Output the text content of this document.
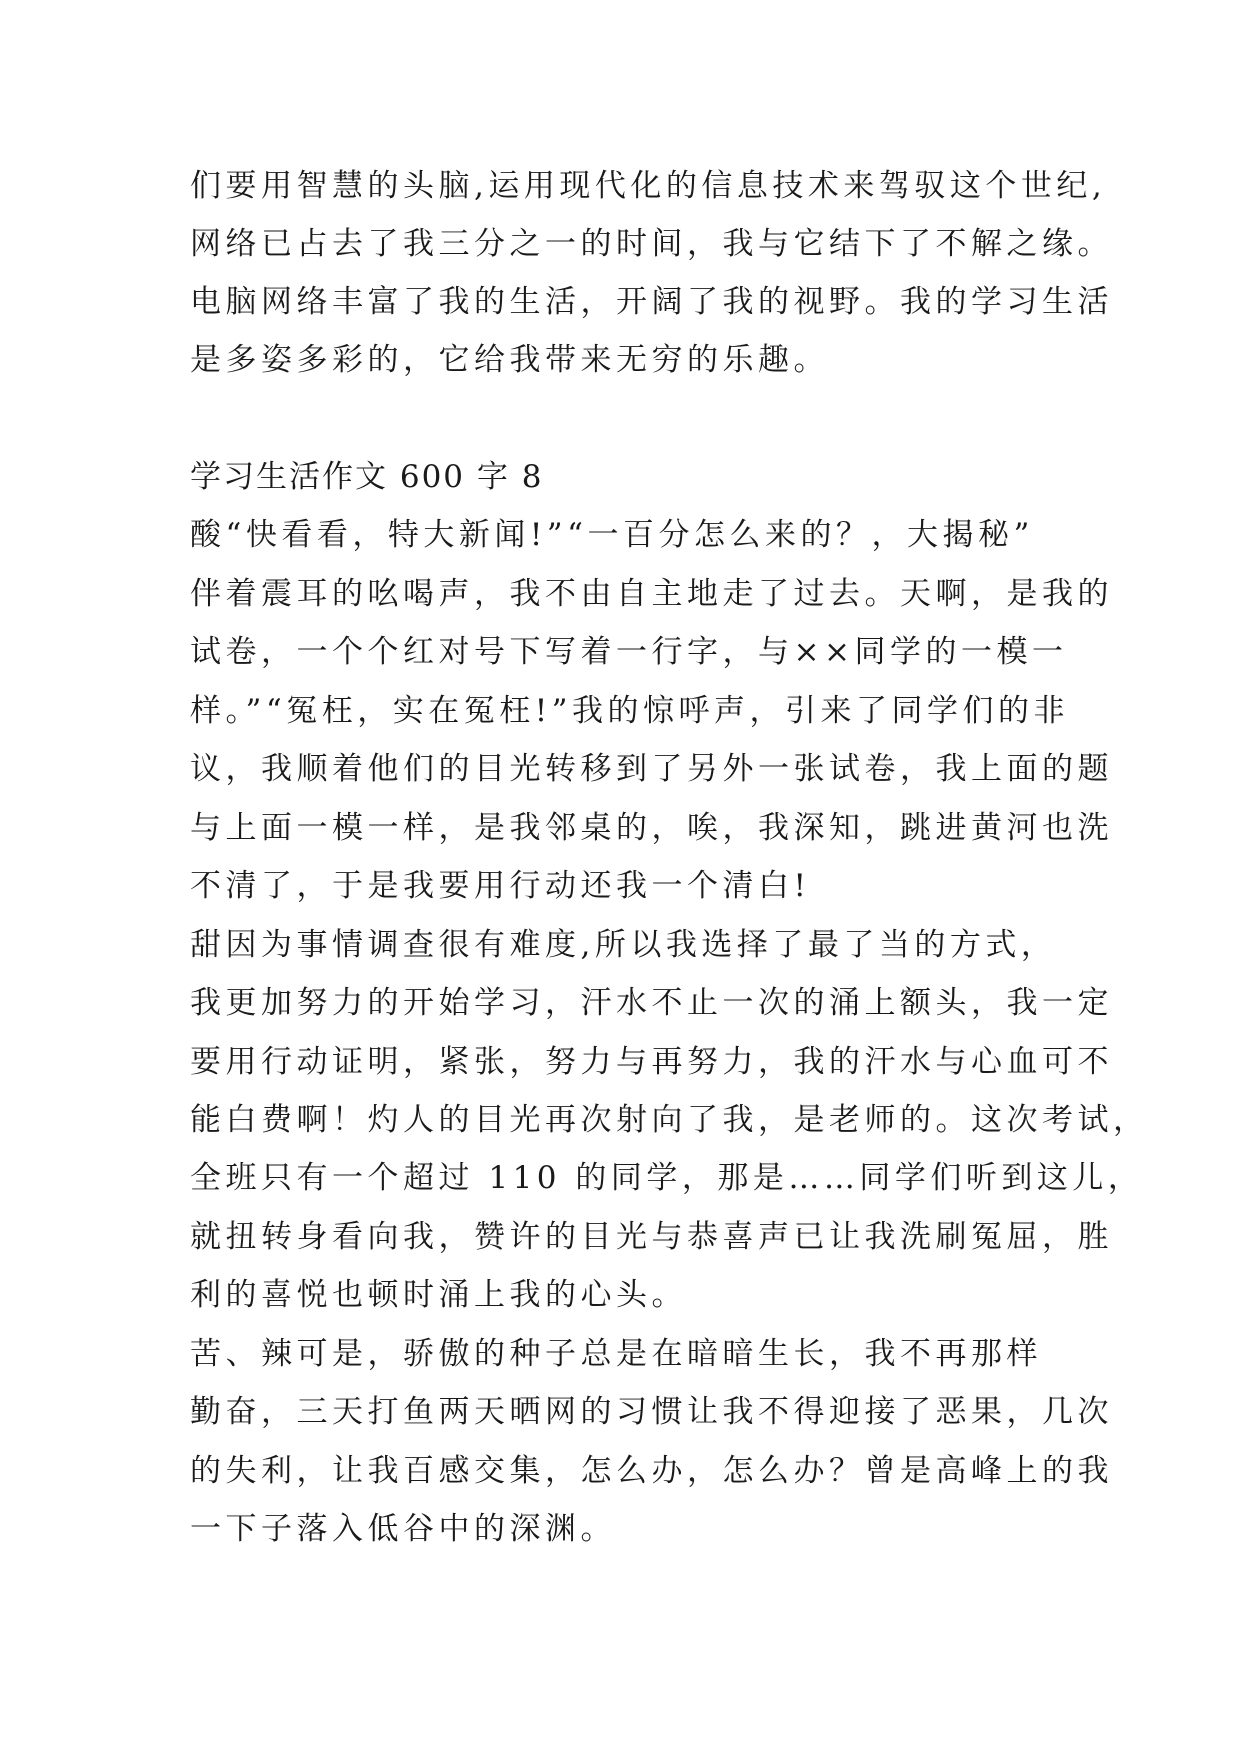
们要用智慧的头脑,运用现代化的信息技术来驾驭这个世纪,
网络已占去了我三分之一的时间，我与它结下了不解之缘。
电脑网络丰富了我的生活，开阔了我的视野。我的学习生活
是多姿多彩的，它给我带来无穷的乐趣。
学习生活作文 600 字 8
酸“快看看，特大新闻!”“一百分怎么来的？，大揭秘”
伴着震耳的吆喝声，我不由自主地走了过去。天啊，是我的
试卷，一个个红对号下写着一行字，与××同学的一模一
样。”“冤枉，实在冤枉!”我的惊呼声，引来了同学们的非
议，我顺着他们的目光转移到了另外一张试卷，我上面的题
与上面一模一样，是我邻桌的，唉，我深知，跳进黄河也洗
不清了，于是我要用行动还我一个清白!
甜因为事情调查很有难度,所以我选择了最了当的方式，
我更加努力的开始学习，汗水不止一次的涌上额头，我一定
要用行动证明，紧张，努力与再努力，我的汗水与心血可不
能白费啊！灼人的目光再次射向了我，是老师的。这次考试，
全班只有一个超过 110 的同学，那是……同学们听到这儿，
就扭转身看向我，赞许的目光与恭喜声已让我洗刷冤屈，胜
利的喜悦也顿时涌上我的心头。
苦、辣可是，骄傲的种子总是在暗暗生长，我不再那样
勤奋，三天打鱼两天晒网的习惯让我不得迎接了恶果，几次
的失利，让我百感交集，怎么办，怎么办？曾是高峰上的我
一下子落入低谷中的深渊。
